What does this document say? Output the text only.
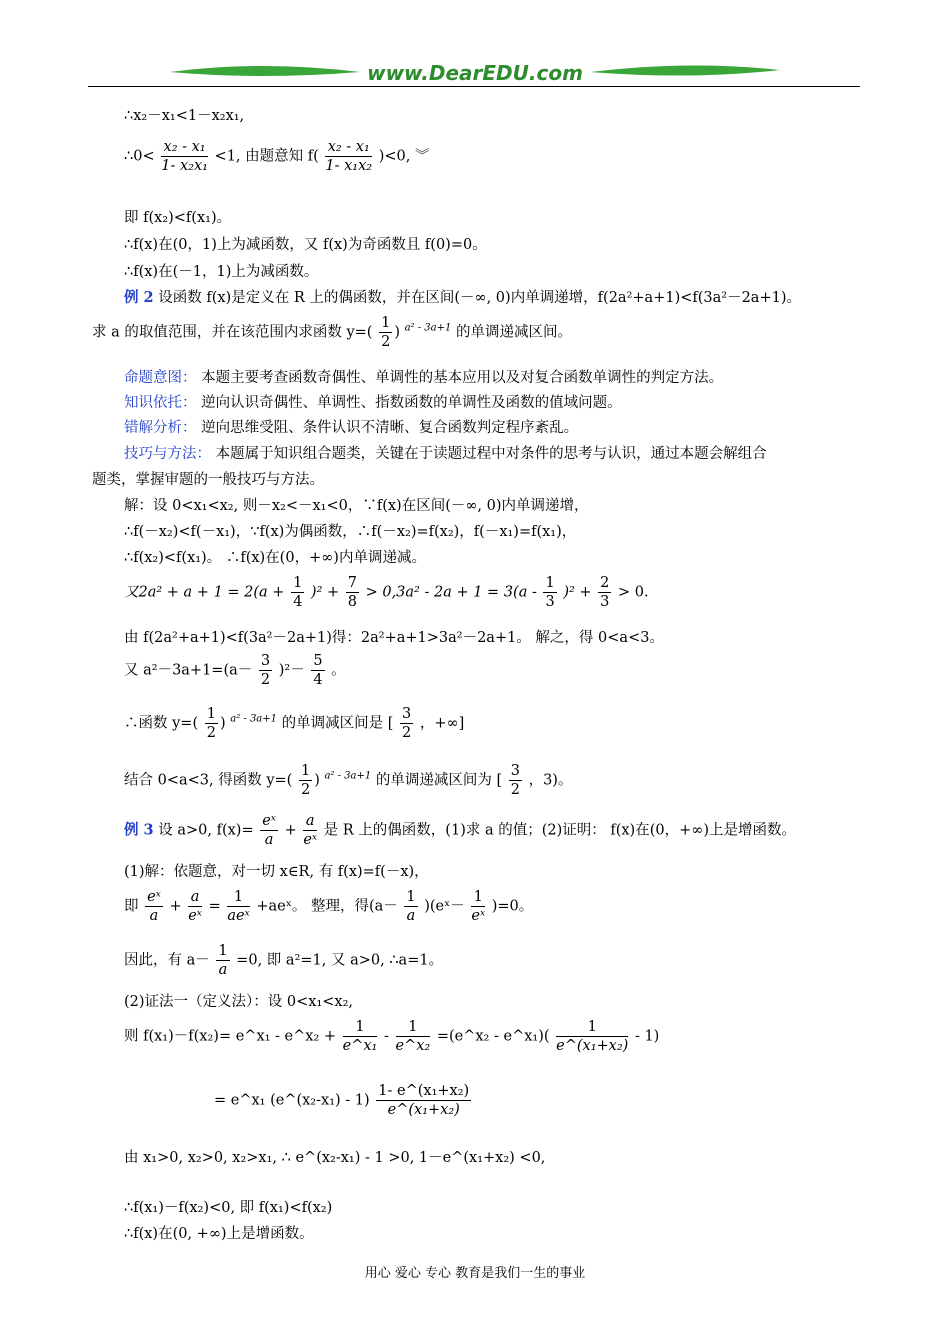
www.DearEDU.com
∴x₂－x₁<1－x₂x₁,
∴0< $\frac{\text{x₂ - x₁}}{\text{1- x₂x₁}} <1$, 由题意知 $f( \frac{\text{x₂ - x₁}}{\text{1- x₁x₂}} )<0$, ︾
即 f(x₂)<f(x₁)。
∴f(x)在(0，1)上为减函数，又 f(x)为奇函数且 f(0)=0。
∴f(x)在(－1，1)上为减函数。
例 2 设函数 f(x)是定义在 R 上的偶函数，并在区间(－∞, 0)内单调递增，f(2a²+a+1)<f(3a²－2a+1)。
求 a 的取值范围，并在该范围内求函数 $y=( \frac{1}{2}$ ) $^{a^2 - 3a+1}$ 的单调递减区间。
命题意图： 本题主要考查函数奇偶性、单调性的基本应用以及对复合函数单调性的判定方法。
知识依托： 逆向认识奇偶性、单调性、指数函数的单调性及函数的值域问题。
错解分析： 逆向思维受阻、条件认识不清晰、复合函数判定程序紊乱。
技巧与方法： 本题属于知识组合题类，关键在于读题过程中对条件的思考与认识，通过本题会解组合
题类，掌握审题的一般技巧与方法。
解：设 0<x₁<x₂, 则－x₂<－x₁<0，∵f(x)在区间(－∞, 0)内单调递增，
∴f(－x₂)<f(－x₁)，∵f(x)为偶函数，∴f(－x₂)=f(x₂)，f(－x₁)=f(x₁)，
∴f(x₂)<f(x₁)。 ∴f(x)在(0，+∞)内单调递减。
又$2a^2 + a + 1 = 2(a + \frac{1}{4} )^2 + \frac{7}{8} > 0,3a^2 - 2a + 1 = 3(a - \frac{1}{3} )^2 + \frac{2}{3} > 0$.
由 f(2a²+a+1)<f(3a²－2a+1)得：2a²+a+1>3a²－2a+1。 解之，得 0<a<3。
又 $a^2-3a+1=(a- \frac{3}{2} )^2- \frac{5}{4}$ 。
∴函数 $y=( \frac{1}{2}$ ) $^{a^2 - 3a+1}$ 的单调减区间是 [ $\frac{3}{2}$ ，+∞]
结合 0<a<3, 得函数 $y=( \frac{1}{2}$ ) $^{a^2 - 3a+1}$ 的单调递减区间为 [ $\frac{3}{2}$ ，3)。
例 3 设 a>0, $f(x)= \frac{\text{eˣ}}{a} + \frac{a}{\text{eˣ}}$ 是 R 上的偶函数，(1)求 a 的值；(2)证明： f(x)在(0，+∞)上是增函数。
(1)解：依题意，对一切 x∈R, 有 f(x)=f(－x)，
即 $\frac{\text{eˣ}}{a} + \frac{a}{\text{eˣ}} = \frac{1}{\text{aeˣ}}$ +aeˣ。 整理，得($a- \frac{1}{a}$ )(eˣ－ $\frac{1}{\text{eˣ}} )=0$。
因此，有 $a- \frac{1}{a} =0$, 即 a²=1, 又 a>0, ∴a=1。
(2)证法一（定义法）：设 0<x₁<x₂,
则 f(x₁)－f(x₂)= e^x₁ - e^x₂ + $\frac{1}{\text{e\textasciicircum{}x₁}} - \frac{1}{\text{e\textasciicircum{}x₂}}$ =(e^x₂ - e^x₁)( $\frac{1}{\text{e\textasciicircum{}(x₁+x₂)}} - 1$)
= e^x₁ (e^(x₂-x₁) - $1) \frac{\text{1- e\textasciicircum{}(x₁+x₂)}}{\text{e\textasciicircum{}(x₁+x₂)}}$
由 x₁>0, x₂>0, x₂>x₁, ∴ e^(x₂-x₁) - 1 >0, 1－e^(x₁+x₂) <0,
∴f(x₁)－f(x₂)<0, 即 f(x₁)<f(x₂)
∴f(x)在(0, +∞)上是增函数。
用心 爱心 专心 教育是我们一生的事业
